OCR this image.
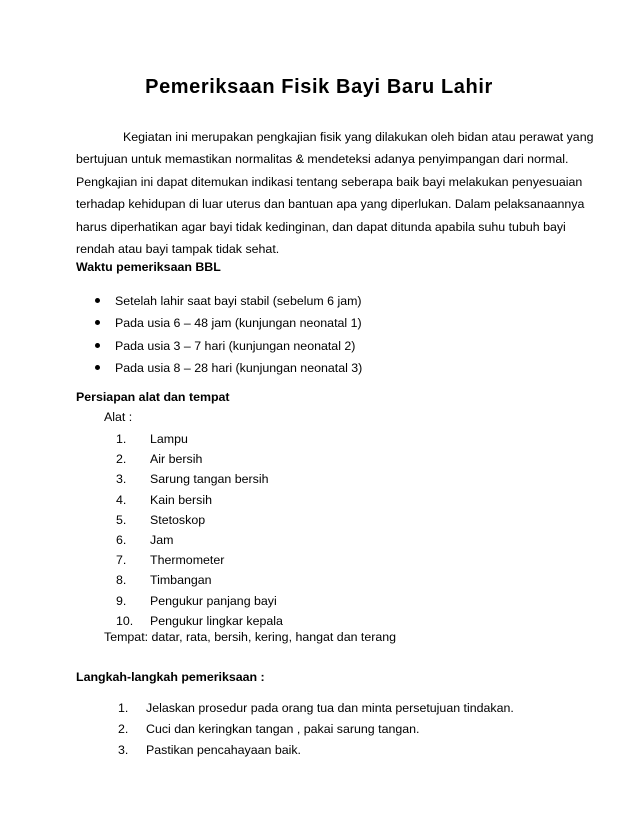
Pemeriksaan Fisik Bayi Baru Lahir
Kegiatan ini merupakan pengkajian fisik yang dilakukan oleh bidan atau perawat yang
bertujuan untuk memastikan normalitas & mendeteksi adanya penyimpangan dari normal.
Pengkajian ini dapat ditemukan indikasi tentang seberapa baik bayi melakukan penyesuaian
terhadap kehidupan di luar uterus dan bantuan apa yang diperlukan. Dalam pelaksanaannya
harus diperhatikan agar bayi tidak kedinginan, dan dapat ditunda apabila suhu tubuh bayi
rendah atau bayi tampak tidak sehat.
Waktu pemeriksaan BBL
Setelah lahir saat bayi stabil (sebelum 6 jam)
Pada usia 6 – 48 jam (kunjungan neonatal 1)
Pada usia 3 – 7 hari (kunjungan neonatal 2)
Pada usia 8 – 28 hari (kunjungan neonatal 3)
Persiapan alat dan tempat
Alat :
1.	Lampu
2.	Air bersih
3.	Sarung tangan bersih
4.	Kain bersih
5.	Stetoskop
6.	Jam
7.	Thermometer
8.	Timbangan
9.	Pengukur panjang bayi
10.	Pengukur lingkar kepala
Tempat: datar, rata, bersih, kering, hangat dan terang
Langkah-langkah pemeriksaan :
1.	Jelaskan prosedur pada orang tua dan minta persetujuan tindakan.
2.	Cuci dan keringkan tangan , pakai sarung tangan.
3.	Pastikan pencahayaan baik.
